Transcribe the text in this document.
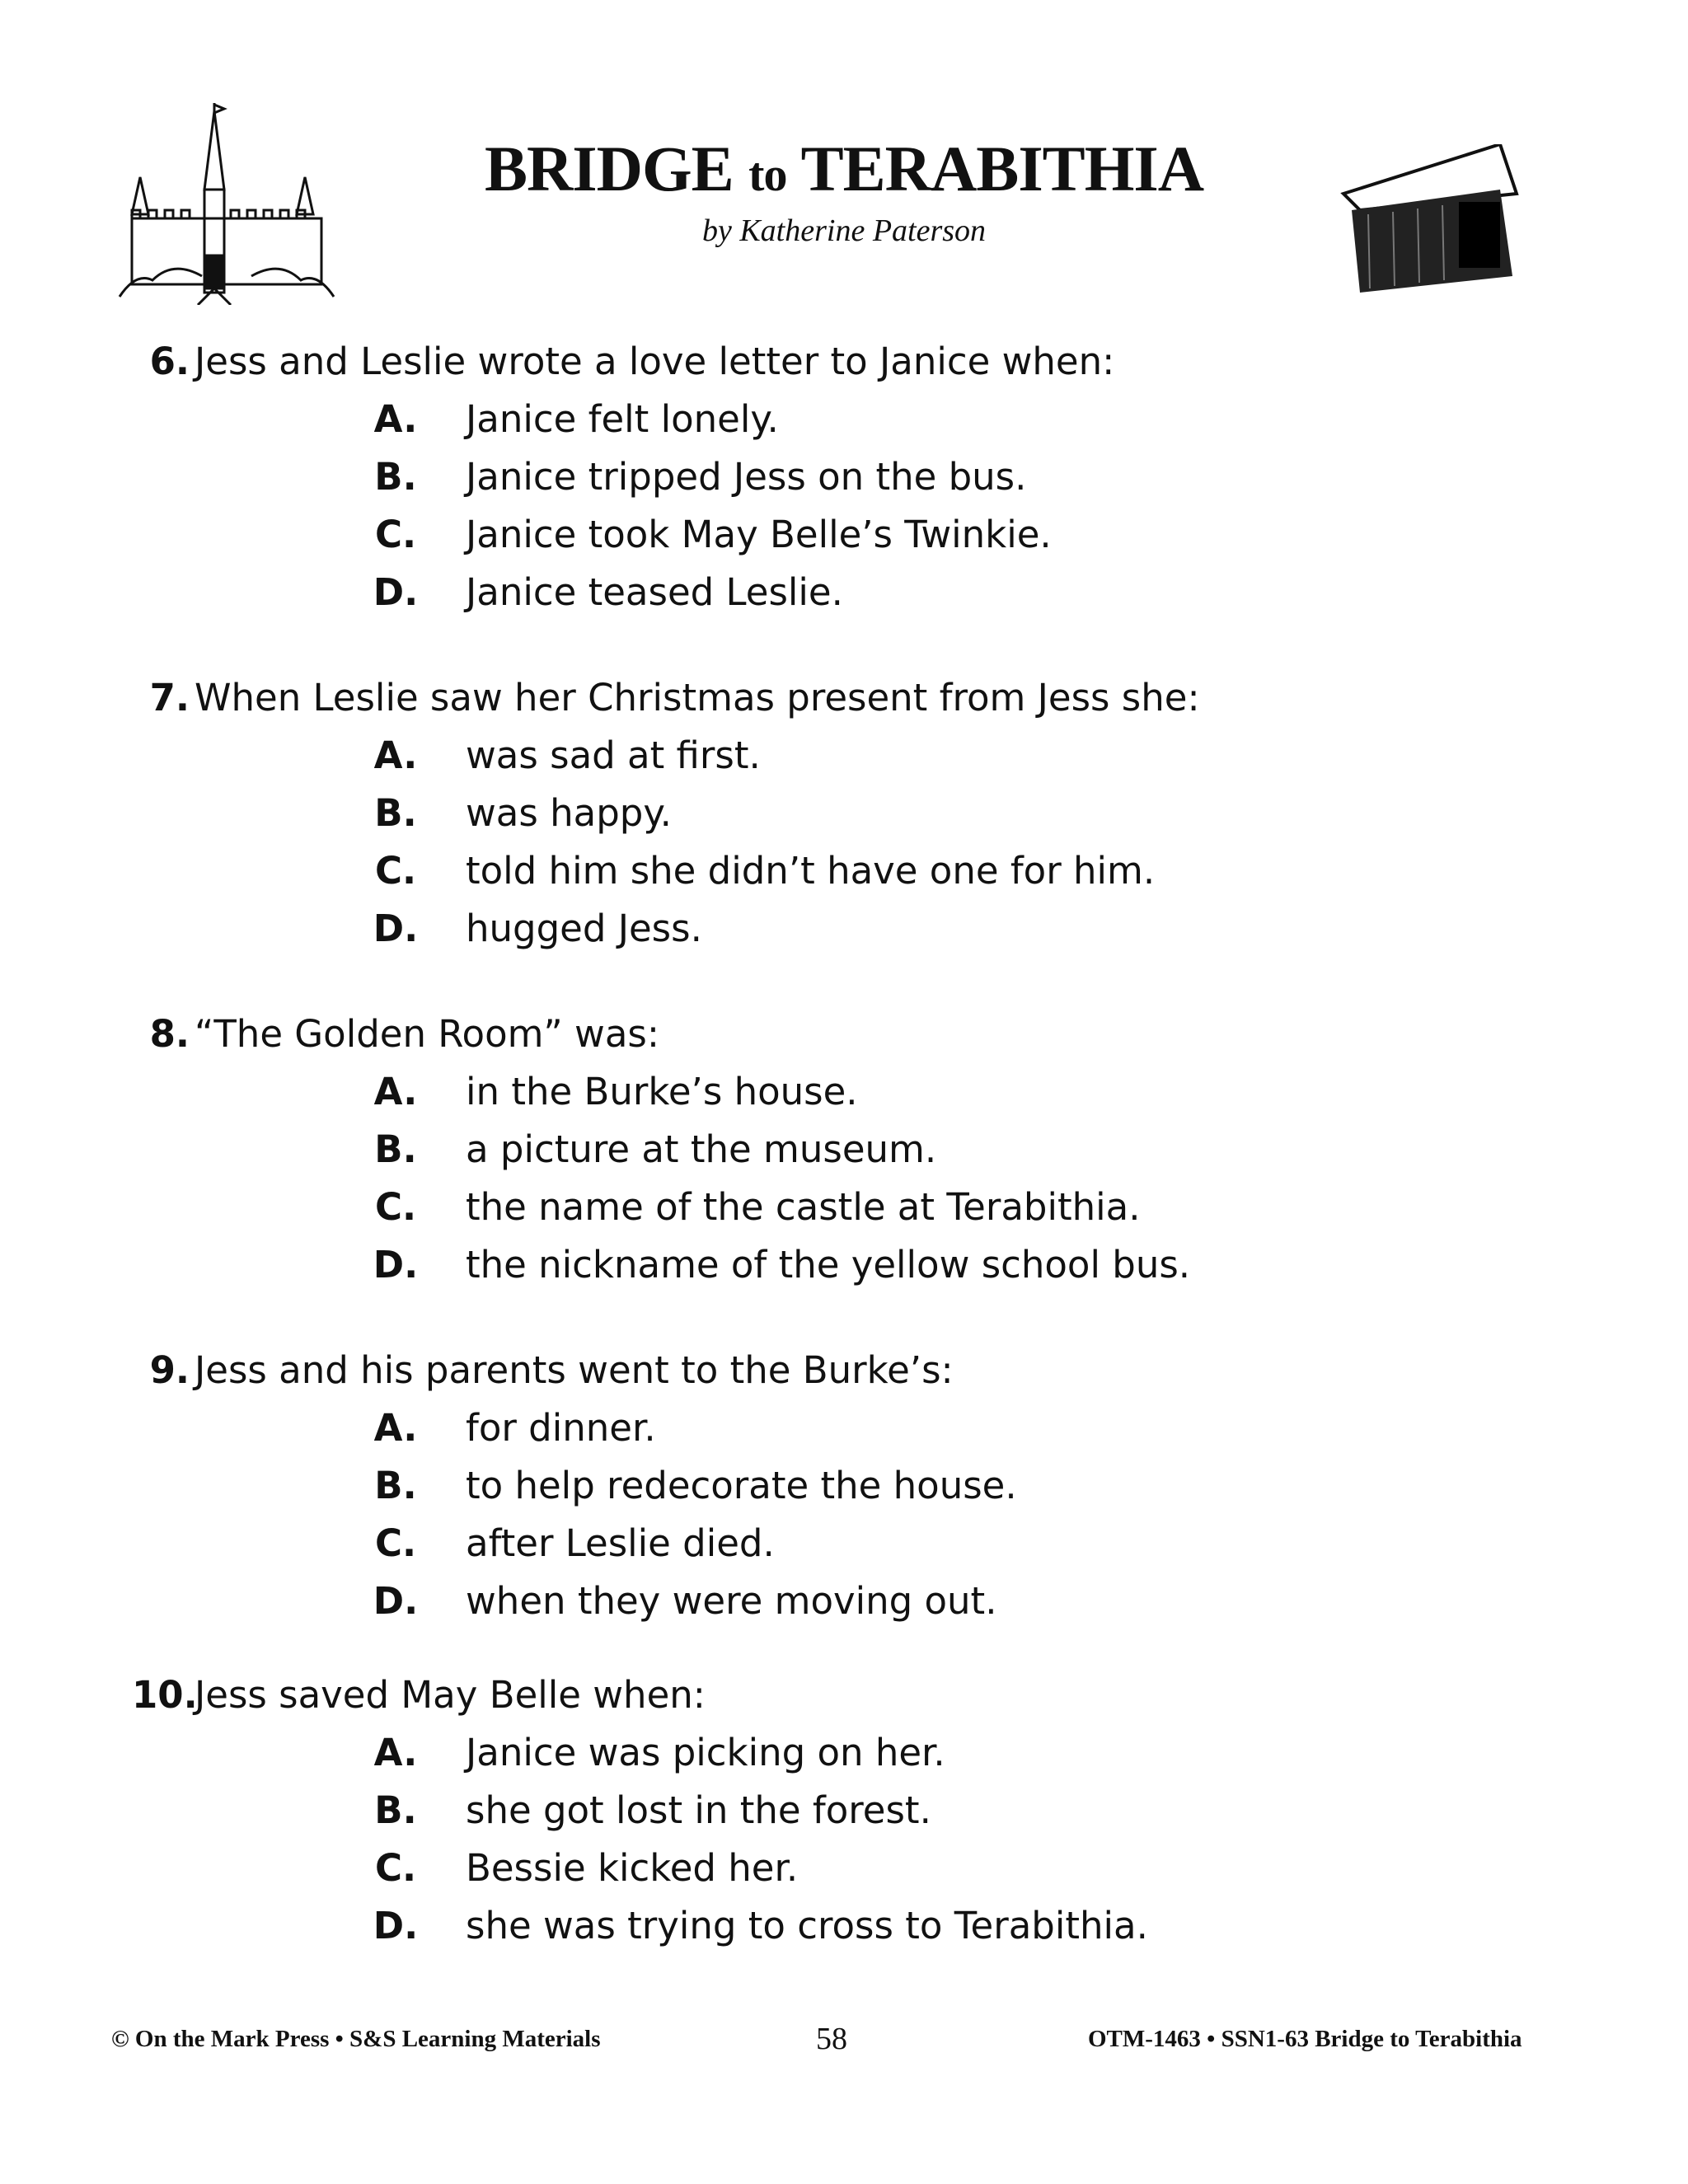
BRIDGE to TERABITHIA
by Katherine Paterson
6. Jess and Leslie wrote a love letter to Janice when:
A. Janice felt lonely.
B. Janice tripped Jess on the bus.
C. Janice took May Belle’s Twinkie.
D. Janice teased Leslie.
7. When Leslie saw her Christmas present from Jess she:
A. was sad at first.
B. was happy.
C. told him she didn’t have one for him.
D. hugged Jess.
8. “The Golden Room” was:
A. in the Burke’s house.
B. a picture at the museum.
C. the name of the castle at Terabithia.
D. the nickname of the yellow school bus.
9. Jess and his parents went to the Burke’s:
A. for dinner.
B. to help redecorate the house.
C. after Leslie died.
D. when they were moving out.
10.
Jess saved May Belle when:
A. Janice was picking on her.
B. she got lost in the forest.
C. Bessie kicked her.
D. she was trying to cross to Terabithia.
© On the Mark Press • S&S Learning Materials	58	OTM-1463 • SSN1-63 Bridge to Terabithia
